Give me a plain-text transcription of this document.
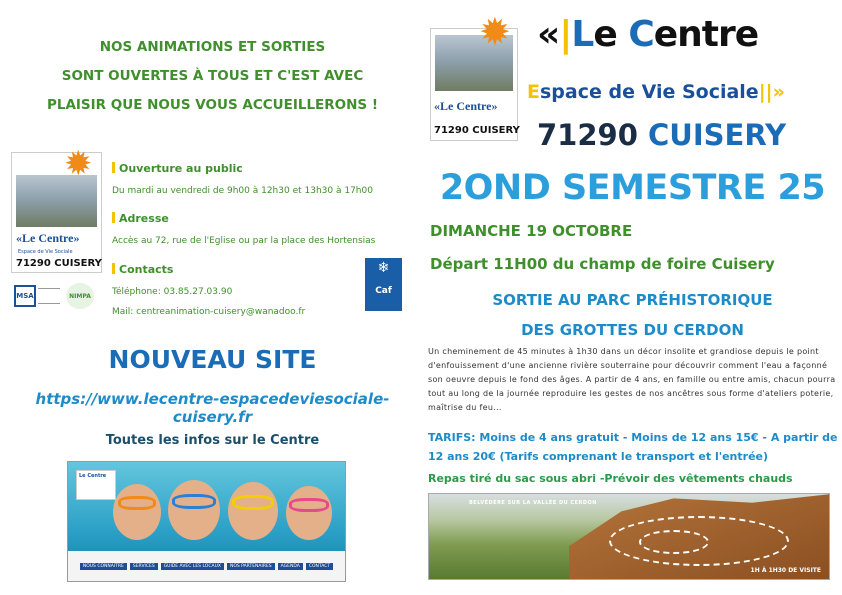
NOS ANIMATIONS ET SORTIES
SONT OUVERTES À TOUS ET C'EST AVEC
PLAISIR QUE NOUS VOUS ACCUEILLERONS !
✹
«Le Centre»
Espace de Vie Sociale
71290 CUISERY
Ouverture au public
Du mardi au vendredi de 9h00 à 12h30 et 13h30 à 17h00
Adresse
Accès au 72, rue de l'Eglise ou par la place des Hortensias
Contacts
Téléphone: 03.85.27.03.90
Mail: centreanimation-cuisery@wanadoo.fr
MSA	NIMPA
❄
Caf
NOUVEAU SITE
https://www.lecentre-espacedeviesociale-cuisery.fr
Toutes les infos sur le Centre
Le Centre
NOUS CONNAITRE	SERVICES	GUIDE AVEC LES LOCAUX	NOS PARTENAIRES	AGENDA	CONTACT
✹
«Le Centre»
71290 CUISERY
«|Le Centre
Espace de Vie Sociale||»
71290 CUISERY
2OND SEMESTRE 25
DIMANCHE 19 OCTOBRE
Départ 11H00 du champ de foire Cuisery
SORTIE AU PARC PRÉHISTORIQUE
DES GROTTES DU CERDON
Un cheminement de 45 minutes à 1h30 dans un décor insolite et grandiose depuis le point d'enfouissement d'une ancienne rivière souterraine pour découvrir comment l'eau a façonné son oeuvre depuis le fond des âges. A partir de 4 ans, en famille ou entre amis, chacun pourra tout au long de la journée reproduire les gestes de nos ancêtres sous forme d'ateliers poterie, maîtrise du feu...
TARIFS: Moins de 4 ans gratuit - Moins de 12 ans 15€ - A partir de 12 ans 20€ (Tarifs comprenant le transport et l'entrée)
Repas tiré du sac sous abri -Prévoir des vêtements chauds
BELVÉDÈRE SUR LA VALLÉE DU CERDON
1H À 1H30 DE VISITE
